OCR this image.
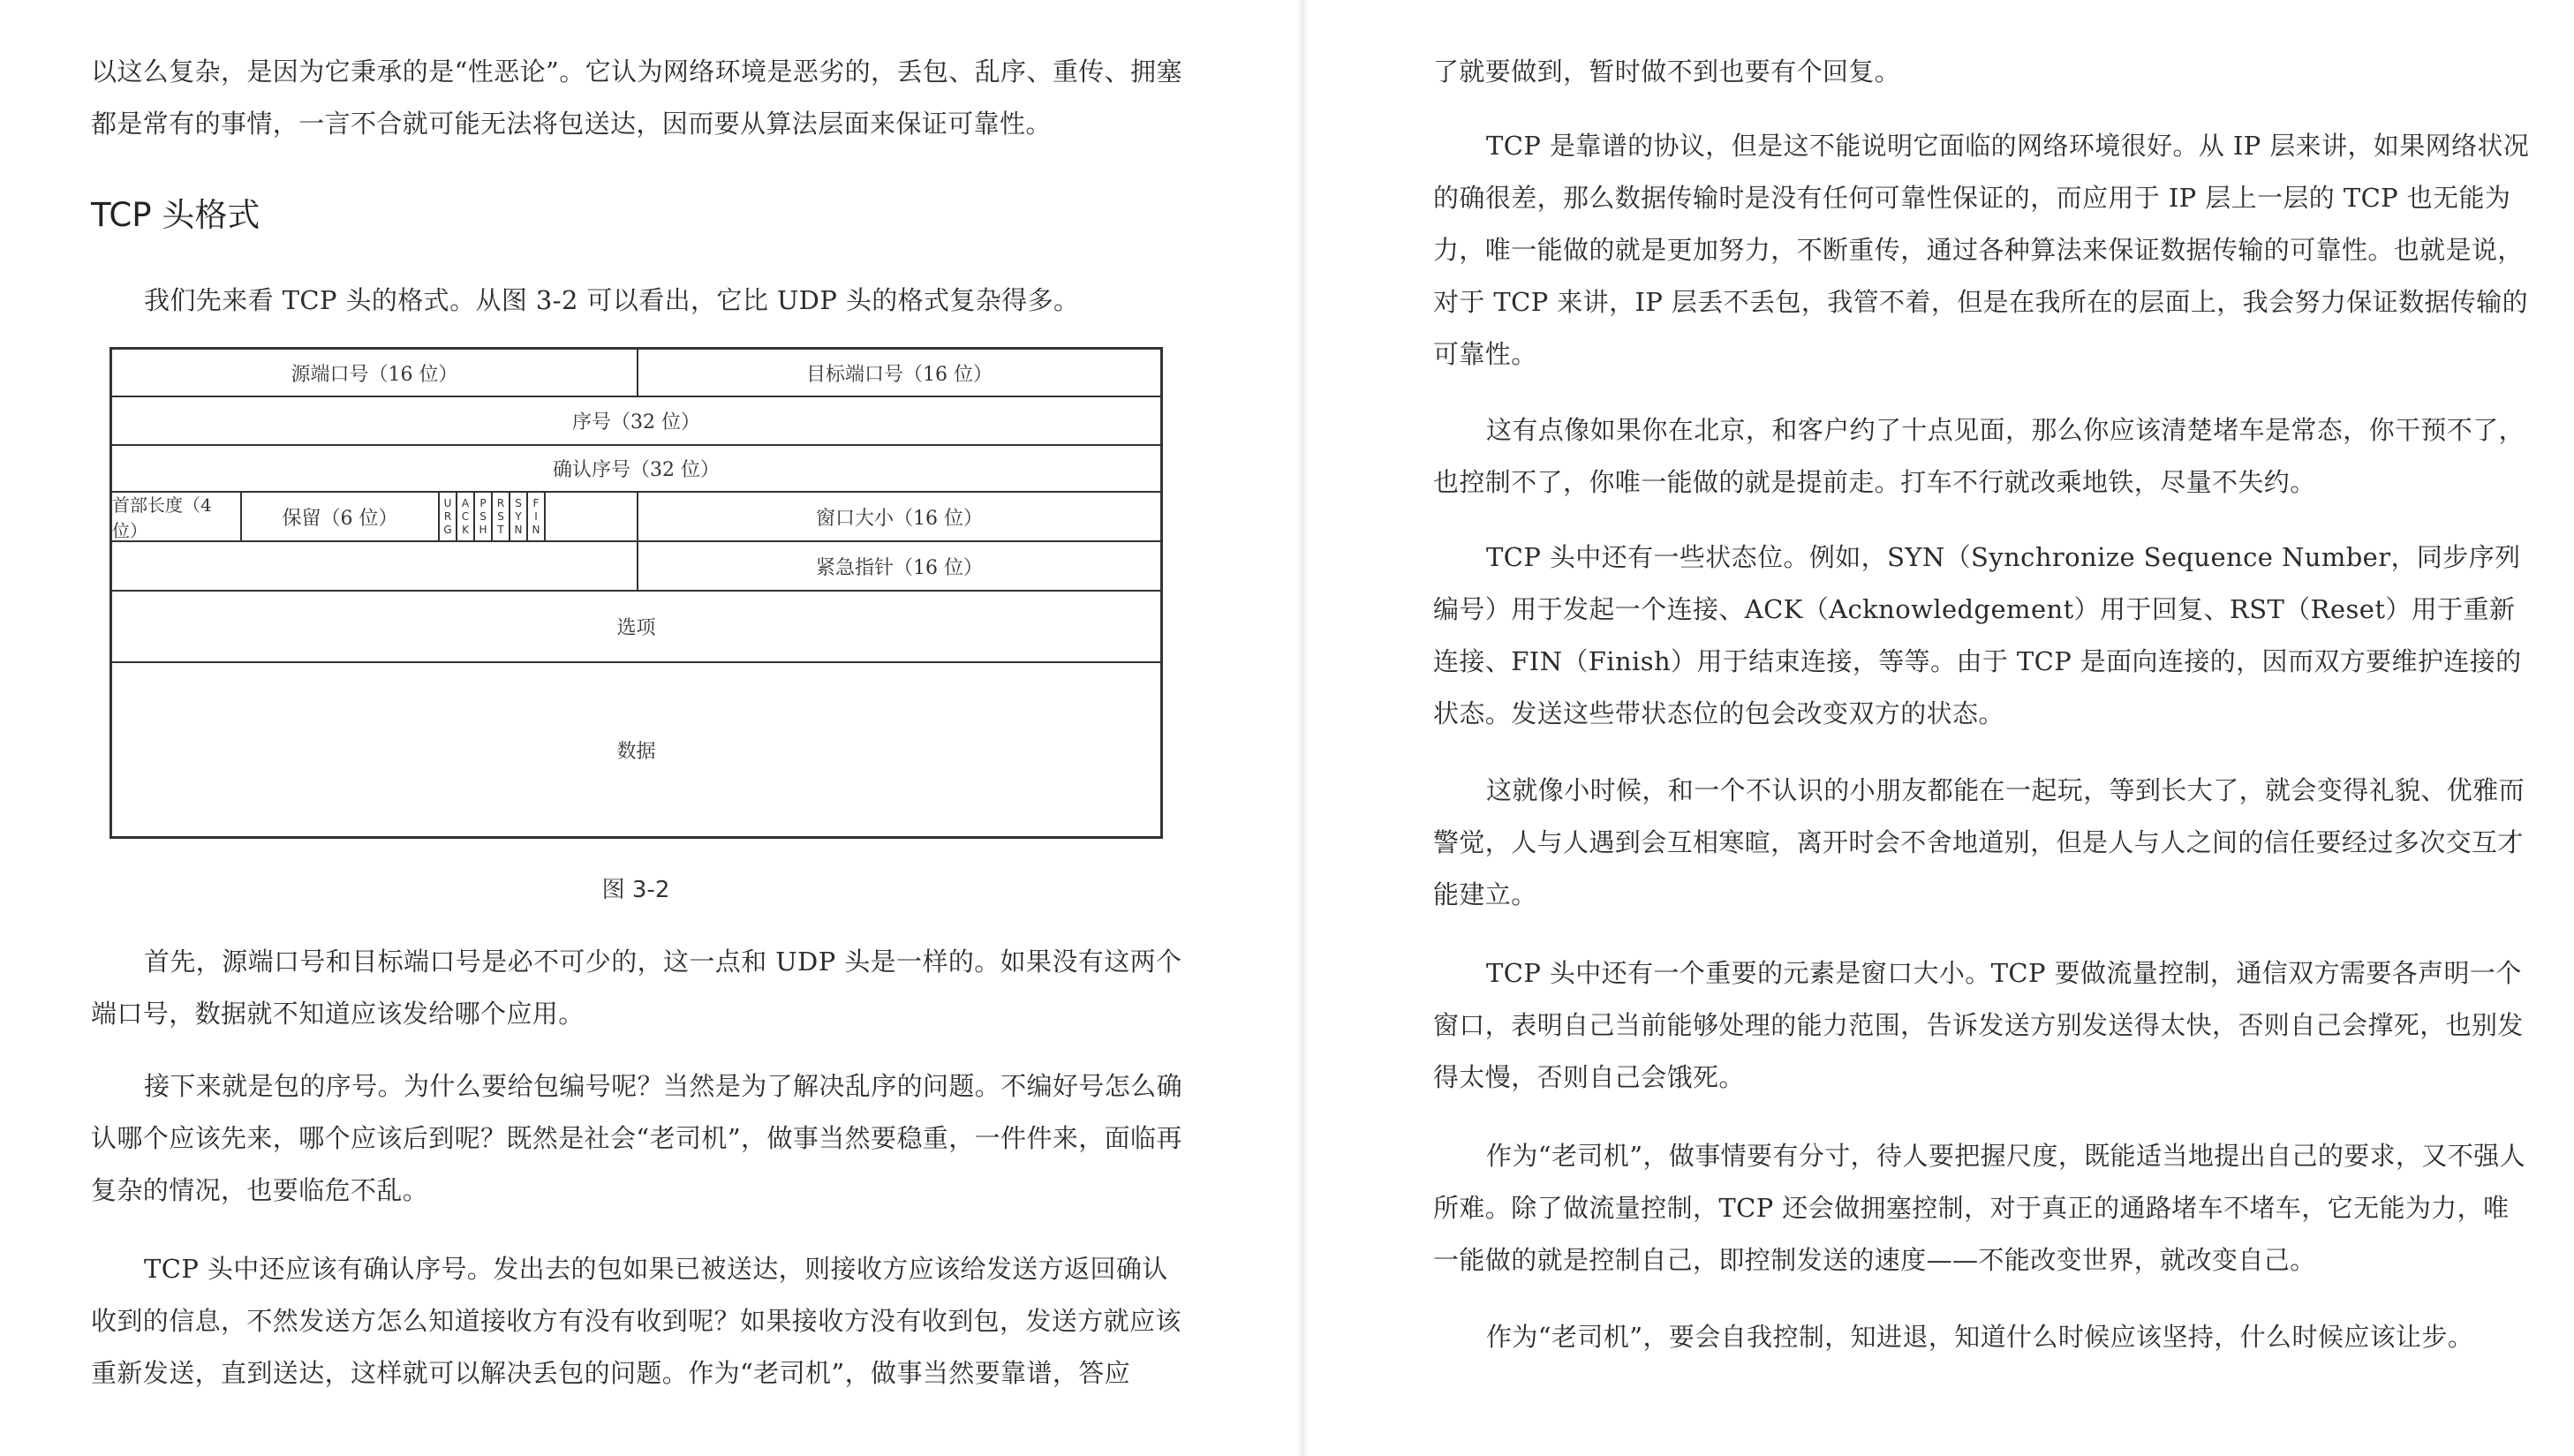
以这么复杂，是因为它秉承的是“性恶论”。它认为网络环境是恶劣的，丢包、乱序、重传、拥塞都是常有的事情，一言不合就可能无法将包送达，因而要从算法层面来保证可靠性。

TCP 头格式

我们先来看 TCP 头的格式。从图 3-2 可以看出，它比 UDP 头的格式复杂得多。

源端口号（16 位）	目标端口号（16 位）
序号（32 位）
确认序号（32 位）
首部长度（4 位）
保留（6 位）
U
R
G
A
C
K
P
S
H
R
S
T
S
Y
N
F
I
N	窗口大小（16 位）
紧急指针（16 位）
选项
数据
图 3-2

首先，源端口号和目标端口号是必不可少的，这一点和 UDP 头是一样的。如果没有这两个端口号，数据就不知道应该发给哪个应用。

接下来就是包的序号。为什么要给包编号呢？当然是为了解决乱序的问题。不编好号怎么确认哪个应该先来，哪个应该后到呢？既然是社会“老司机”，做事当然要稳重，一件件来，面临再复杂的情况，也要临危不乱。

TCP 头中还应该有确认序号。发出去的包如果已被送达，则接收方应该给发送方返回确认收到的信息，不然发送方怎么知道接收方有没有收到呢？如果接收方没有收到包，发送方就应该重新发送，直到送达，这样就可以解决丢包的问题。作为“老司机”，做事当然要靠谱，答应

了就要做到，暂时做不到也要有个回复。

TCP 是靠谱的协议，但是这不能说明它面临的网络环境很好。从 IP 层来讲，如果网络状况的确很差，那么数据传输时是没有任何可靠性保证的，而应用于 IP 层上一层的 TCP 也无能为力，唯一能做的就是更加努力，不断重传，通过各种算法来保证数据传输的可靠性。也就是说，对于 TCP 来讲，IP 层丢不丢包，我管不着，但是在我所在的层面上，我会努力保证数据传输的可靠性。

这有点像如果你在北京，和客户约了十点见面，那么你应该清楚堵车是常态，你干预不了，也控制不了，你唯一能做的就是提前走。打车不行就改乘地铁，尽量不失约。

TCP 头中还有一些状态位。例如，SYN（Synchronize Sequence Number，同步序列编号）用于发起一个连接、ACK（Acknowledgement）用于回复、RST（Reset）用于重新连接、FIN（Finish）用于结束连接，等等。由于 TCP 是面向连接的，因而双方要维护连接的状态。发送这些带状态位的包会改变双方的状态。

这就像小时候，和一个不认识的小朋友都能在一起玩，等到长大了，就会变得礼貌、优雅而警觉，人与人遇到会互相寒暄，离开时会不舍地道别，但是人与人之间的信任要经过多次交互才能建立。

TCP 头中还有一个重要的元素是窗口大小。TCP 要做流量控制，通信双方需要各声明一个窗口，表明自己当前能够处理的能力范围，告诉发送方别发送得太快，否则自己会撑死，也别发得太慢，否则自己会饿死。

作为“老司机”，做事情要有分寸，待人要把握尺度，既能适当地提出自己的要求，又不强人所难。除了做流量控制，TCP 还会做拥塞控制，对于真正的通路堵车不堵车，它无能为力，唯一能做的就是控制自己，即控制发送的速度——不能改变世界，就改变自己。

作为“老司机”，要会自我控制，知进退，知道什么时候应该坚持，什么时候应该让步。
